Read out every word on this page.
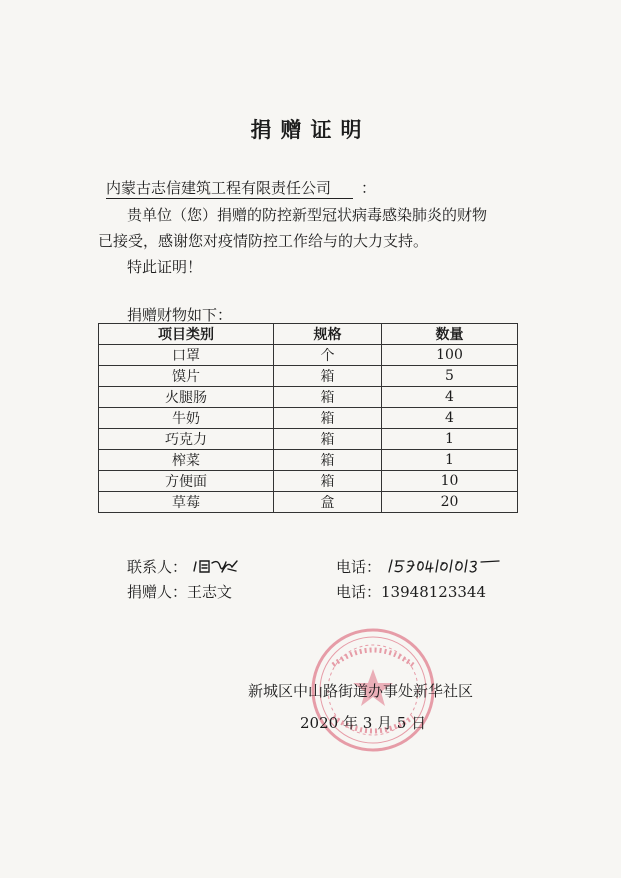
捐赠证明
内蒙古志信建筑工程有限责任公司 ：
贵单位（您）捐赠的防控新型冠状病毒感染肺炎的财物
已接受，感谢您对疫情防控工作给与的大力支持。
特此证明！
捐赠财物如下：
项目类别	规格	数量
口罩	个	100
馍片	箱	5
火腿肠	箱	4
牛奶	箱	4
巧克力	箱	1
榨菜	箱	1
方便面	箱	10
草莓	盒	20
联系人：
捐赠人：王志文
电话：
电话：13948123344
新城区中山路街道办事处新华社区
2020 年 3 月 5 日
